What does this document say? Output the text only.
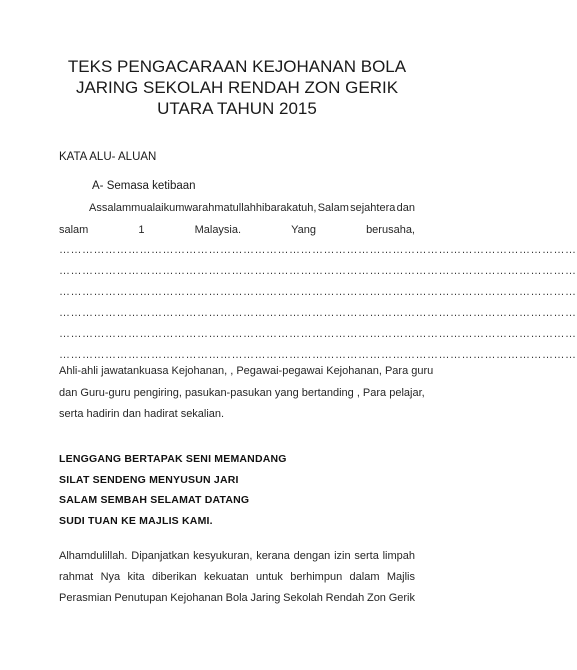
TEKS PENGACARAAN KEJOHANAN BOLA
JARING SEKOLAH RENDAH ZON GERIK
UTARA TAHUN 2015
KATA ALU- ALUAN
A- Semasa ketibaan
Assalammualaikumwarahmatullahhibarakatuh, Salam sejahtera dan
salam	1	Malaysia.	Yang	berusaha,
………………………………………………………………………………………………………………………
………………………………………………………………………………………………………………………
………………………………………………………………………………………………………………………
………………………………………………………………………………………………………………………
………………………………………………………………………………………………………………………
………………………………………………………………………………………………………………………
Ahli-ahli jawatankuasa Kejohanan, , Pegawai-pegawai Kejohanan, Para guru
dan Guru-guru pengiring, pasukan-pasukan yang bertanding , Para pelajar,
serta hadirin dan hadirat sekalian.
LENGGANG BERTAPAK SENI MEMANDANG
SILAT SENDENG MENYUSUN JARI
SALAM SEMBAH SELAMAT DATANG
SUDI TUAN KE MAJLIS KAMI.
Alhamdulillah. Dipanjatkan kesyukuran, kerana dengan izin serta limpah
rahmat Nya kita diberikan kekuatan untuk berhimpun dalam Majlis
Perasmian Penutupan Kejohanan Bola Jaring Sekolah Rendah Zon Gerik
